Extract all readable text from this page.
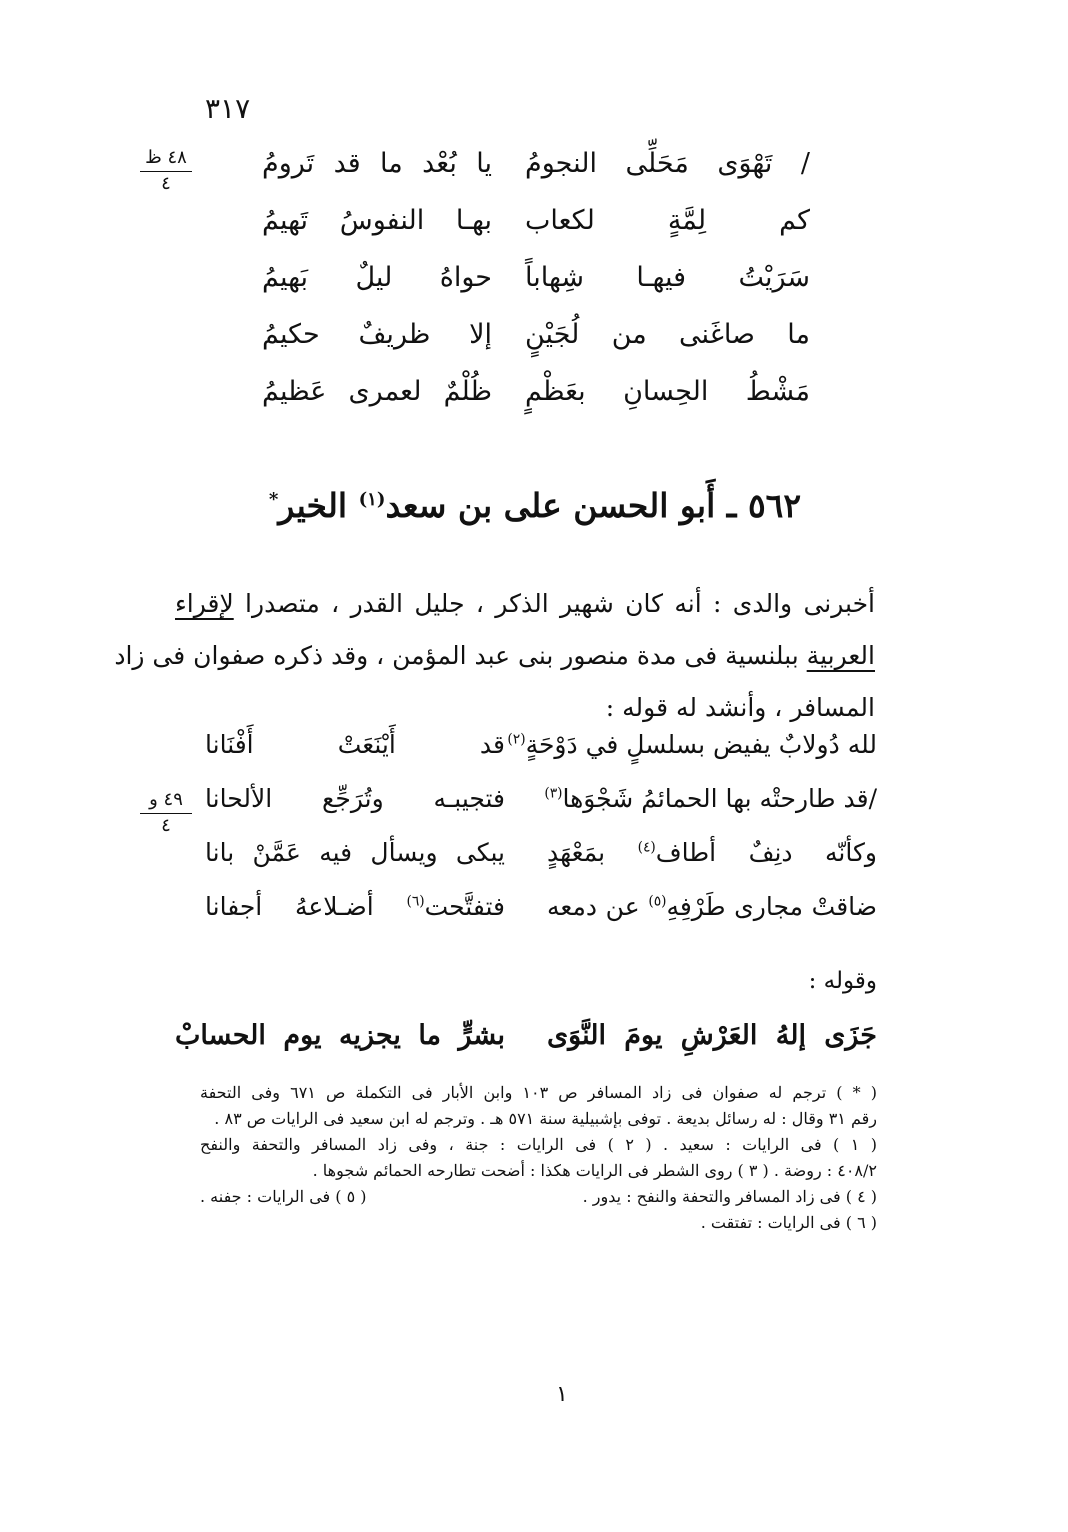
٣١٧
٤٨ ظ
٤
/ تَهْوَى مَحَلِّى النجومُ
يا بُعْد ما قد تَرومُ
كم لِمَّةٍ لكعاب
بهـا النفوسُ تَهيمُ
سَرَيْتُ فيهـا شِهاباً
حواهُ ليلٌ بَهيمُ
ما صاغَنى من لُجَيْنٍ
إلا ظريفٌ حكيمُ
مَشْطُ الحِسانِ بعَظْمٍ
ظُلْمٌ لعمرى عَظيمُ
٥٦٢ ـ أَبو الحسن على بن سعد$^{(١)}$ الخير*
أخبرنى والدى : أنه كان شهير الذكر ، جليل القدر ، متصدرا لإقراء
العربية ببلنسية فى مدة منصور بنى عبد المؤمن ، وقد ذكره صفوان فى زاد
المسافر ، وأنشد له قوله :
٤٩ و
٤
لله دُولابٌ يفيض بسلسلٍ في دَوْحَةٍ$^{(٢)}$
قد أَيْنَعَتْ أَفْنَانا
/قد طارحتْه بها الحمائمُ شَجْوَها$^{(٣)}$
فتجيبـه وتُرَجِّع الألحانا
وكأنّه دنِفٌ أطاف$^{(٤)}$ بمَعْهَدٍ
يبكى ويسأل فيه عَمَّنْ بانا
ضاقتْ مجارى طَرْفِهِ$^{(٥)}$ عن دمعه
فتفتَّحت$^{(٦)}$ أضـلاعهُ أجفانا
وقوله :
جَزَى إلهُ العَرْشِ يومَ النَّوَى
بشرٍّ ما يجزيه يوم الحسابْ
( * ) ترجم له صفوان فى زاد المسافر ص ١٠٣ وابن الأبار فى التكملة ص ٦٧١ وفى التحفة
رقم ٣١ وقال : له رسائل بديعة . توفى بإشبيلية سنة ٥٧١ هـ . وترجم له ابن سعيد فى الرايات ص ٨٣ .
( ١ ) فى الرايات : سعيد . ( ٢ ) فى الرايات : جنة ، وفى زاد المسافر والتحفة والنفح
٤٠٨/٢ : روضة . ( ٣ ) روى الشطر فى الرايات هكذا : أضحت تطارحه الحمائم شجوها .
( ٤ ) فى زاد المسافر والتحفة والنفح : يدور .
( ٥ ) فى الرايات : جفنه .
( ٦ ) فى الرايات : تفتقت .
١
